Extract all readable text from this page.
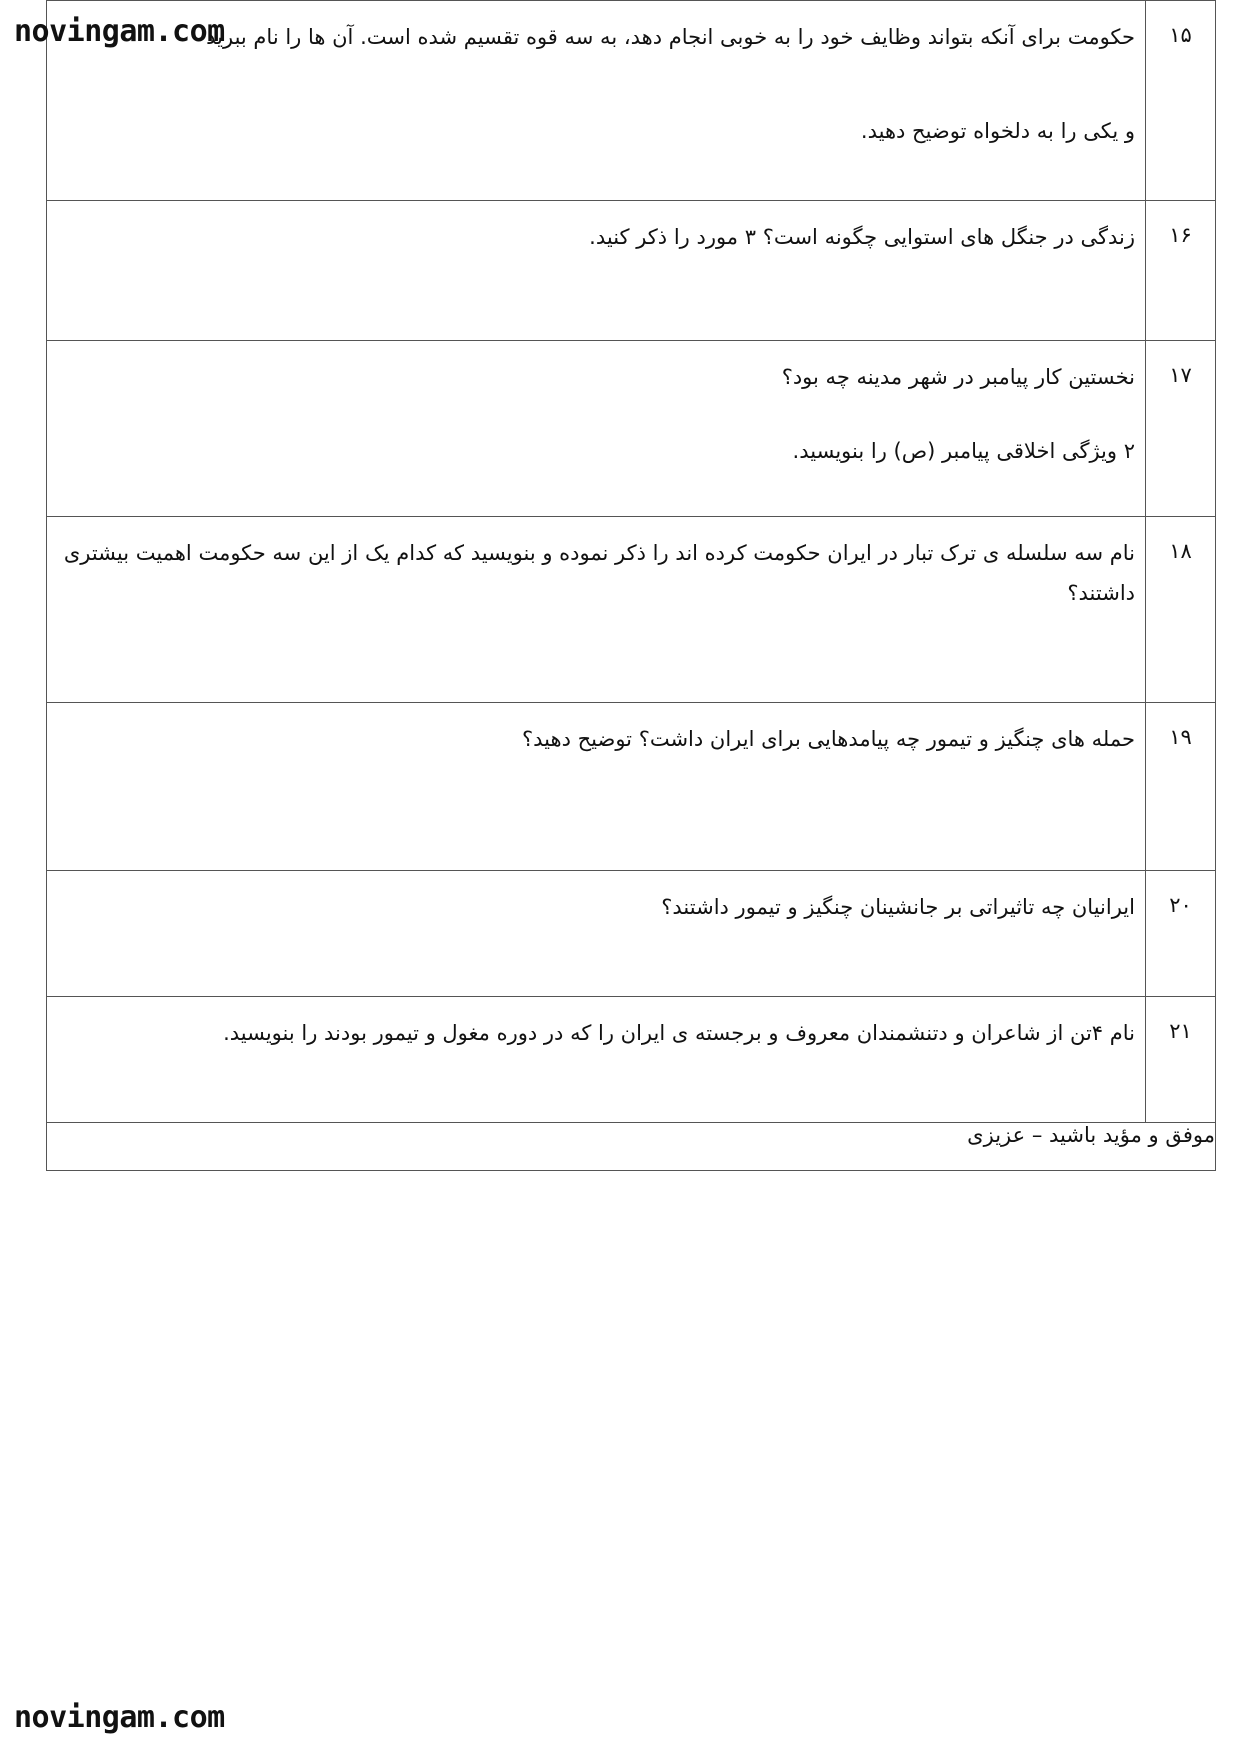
novingam.com
novingam.com
حکومت برای آنکه بتواند وظایف خود را به خوبی انجام دهد، به سه قوه تقسیم شده است. آن ها را نام ببرید
و یکی را به دلخواه توضیح دهید.	۱۵

زندگی در جنگل های استوایی چگونه است؟ ۳ مورد را ذکر کنید.	۱۶

نخستین کار پیامبر در شهر مدینه چه بود؟
۲ ویژگی اخلاقی پیامبر (ص) را بنویسید.	۱۷

نام سه سلسله ی ترک تبار در ایران حکومت کرده اند را ذکر نموده و بنویسید که کدام یک از این سه حکومت اهمیت بیشتری داشتند؟	۱۸

حمله های چنگیز و تیمور چه پیامدهایی برای ایران داشت؟ توضیح دهید؟	۱۹

ایرانیان چه تاثیراتی بر جانشینان چنگیز و تیمور داشتند؟	۲۰

نام ۴تن از شاعران و دتنشمندان معروف و برجسته ی ایران را که در دوره مغول و تیمور بودند را بنویسید.	۲۱
موفق و مؤید باشید – عزیزی	
